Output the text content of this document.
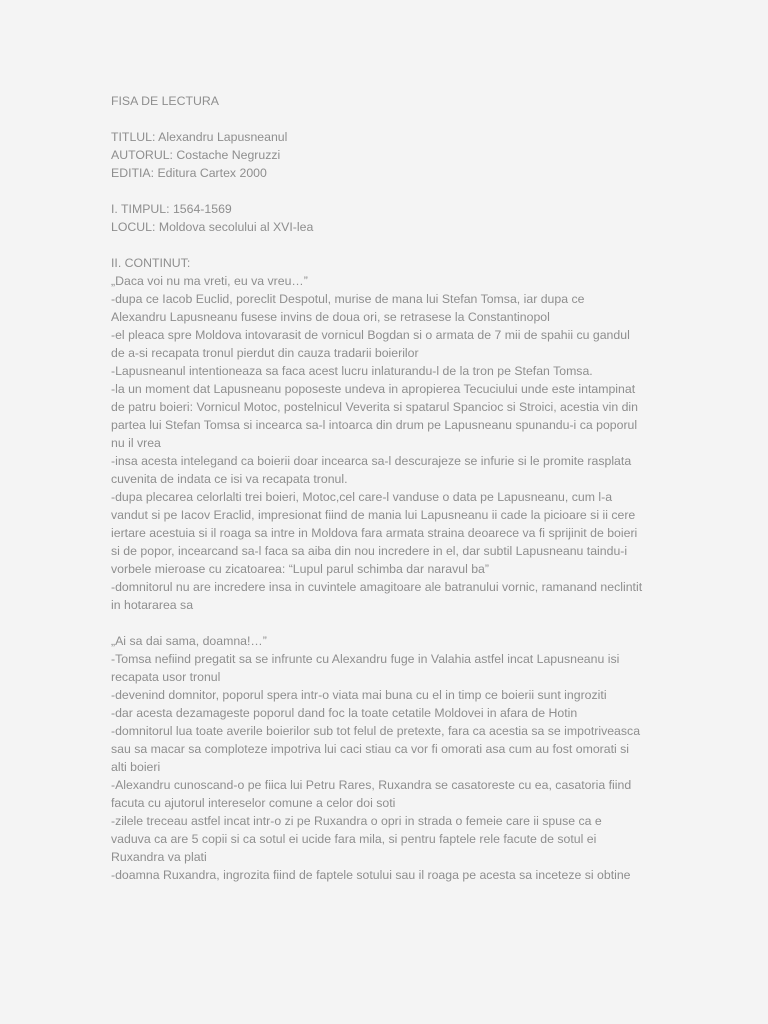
FISA DE LECTURA
TITLUL: Alexandru Lapusneanul
AUTORUL: Costache Negruzzi
EDITIA: Editura Cartex 2000
I. TIMPUL: 1564-1569
LOCUL: Moldova secolului al XVI-lea
II. CONTINUT:
„Daca voi nu ma vreti, eu va vreu…”
-dupa ce Iacob Euclid, poreclit Despotul, murise de mana lui Stefan Tomsa, iar dupa ce
Alexandru Lapusneanu fusese invins de doua ori, se retrasese la Constantinopol
-el pleaca spre Moldova intovarasit de vornicul Bogdan si o armata de 7 mii de spahii cu gandul
de a-si recapata tronul pierdut din cauza tradarii boierilor
-Lapusneanul intentioneaza sa faca acest lucru inlaturandu-l de la tron pe Stefan Tomsa.
-la un moment dat Lapusneanu poposeste undeva in apropierea Tecuciului unde este intampinat
de patru boieri: Vornicul Motoc, postelnicul Veverita si spatarul Spancioc si Stroici, acestia vin din
partea lui Stefan Tomsa si incearca sa-l intoarca din drum pe Lapusneanu spunandu-i ca poporul
nu il vrea
-insa acesta intelegand ca boierii doar incearca sa-l descurajeze se infurie si le promite rasplata
cuvenita de indata ce isi va recapata tronul.
-dupa plecarea celorlalti trei boieri, Motoc,cel care-l vanduse o data pe Lapusneanu, cum l-a
vandut si pe Iacov Eraclid, impresionat fiind de mania lui Lapusneanu ii cade la picioare si ii cere
iertare acestuia si il roaga sa intre in Moldova fara armata straina deoarece va fi sprijinit de boieri
si de popor, incearcand sa-l faca sa aiba din nou incredere in el, dar subtil Lapusneanu taindu-i
vorbele mieroase cu zicatoarea: “Lupul parul schimba dar naravul ba”
-domnitorul nu are incredere insa in cuvintele amagitoare ale batranului vornic, ramanand neclintit
in hotararea sa
„Ai sa dai sama, doamna!…”
-Tomsa nefiind pregatit sa se infrunte cu Alexandru fuge in Valahia astfel incat Lapusneanu isi
recapata usor tronul
-devenind domnitor, poporul spera intr-o viata mai buna cu el in timp ce boierii sunt ingroziti
-dar acesta dezamageste poporul dand foc la toate cetatile Moldovei in afara de Hotin
-domnitorul lua toate averile boierilor sub tot felul de pretexte, fara ca acestia sa se impotriveasca
sau sa macar sa comploteze impotriva lui caci stiau ca vor fi omorati asa cum au fost omorati si
alti boieri
-Alexandru cunoscand-o pe fiica lui Petru Rares, Ruxandra se casatoreste cu ea, casatoria fiind
facuta cu ajutorul intereselor comune a celor doi soti
-zilele treceau astfel incat intr-o zi pe Ruxandra o opri in strada o femeie care ii spuse ca e
vaduva ca are 5 copii si ca sotul ei ucide fara mila, si pentru faptele rele facute de sotul ei
Ruxandra va plati
-doamna Ruxandra, ingrozita fiind de faptele sotului sau il roaga pe acesta sa inceteze si obtine
